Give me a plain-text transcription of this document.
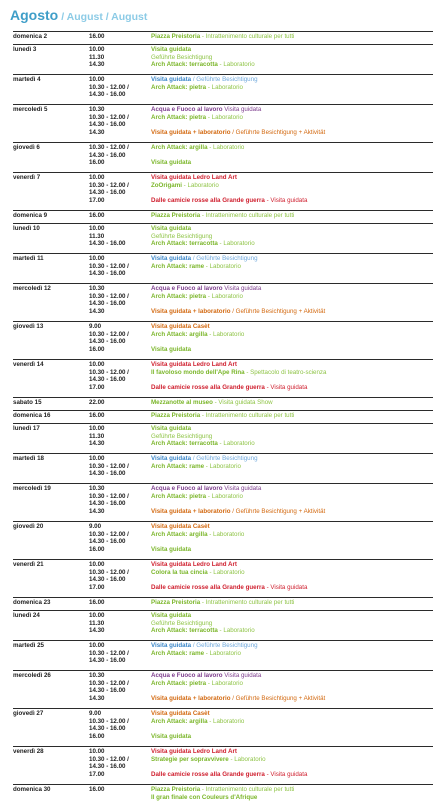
Agosto / August / August
domenica 2	16.00	Piazza Preistoria - Intrattenimento culturale per tutti
lunedì 3	10.00	Visita guidata
11.30	Geführte Besichtigung
14.30	Arch Attack: terracotta - Laboratorio
martedì 4	10.00	Visita guidata / Geführte Besichtigung
10.30 - 12.00 /	Arch Attack: pietra - Laboratorio
14.30 - 16.00
mercoledì 5	10.30	Acqua e Fuoco al lavoro Visita guidata
10.30 - 12.00 /	Arch Attack: pietra - Laboratorio
14.30 - 16.00
14.30	Visita guidata + laboratorio / Geführte Besichtigung + Aktivität
giovedì 6	10.30 - 12.00 /	Arch Attack: argilla - Laboratorio
14.30 - 16.00
16.00	Visita guidata
venerdì 7	10.00	Visita guidata Ledro Land Art
10.30 - 12.00 /	ZoOrigami - Laboratorio
14.30 - 16.00
17.00	Dalle camicie rosse alla Grande guerra - Visita guidata
domenica 9	16.00	Piazza Preistoria - Intrattenimento culturale per tutti
lunedì 10	10.00	Visita guidata
11.30	Geführte Besichtigung
14.30 - 16.00	Arch Attack: terracotta - Laboratorio
martedì 11	10.00	Visita guidata / Geführte Besichtigung
10.30 - 12.00 /	Arch Attack: rame - Laboratorio
14.30 - 16.00
mercoledì 12	10.30	Acqua e Fuoco al lavoro Visita guidata
10.30 - 12.00 /	Arch Attack: pietra - Laboratorio
14.30 - 16.00
14.30	Visita guidata + laboratorio / Geführte Besichtigung + Aktivität
giovedì 13	9.00	Visita guidata Casèt
10.30 - 12.00 /	Arch Attack: argilla - Laboratorio
14.30 - 16.00
16.00	Visita guidata
venerdì 14	10.00	Visita guidata Ledro Land Art
10.30 - 12.00 /	Il favoloso mondo dell'Ape Rina - Spettacolo di teatro-scienza
14.30 - 16.00
17.00	Dalle camicie rosse alla Grande guerra - Visita guidata
sabato 15	22.00	Mezzanotte al museo - Visita guidata Show
domenica 16	16.00	Piazza Preistoria - Intrattenimento culturale per tutti
lunedì 17	10.00	Visita guidata
11.30	Geführte Besichtigung
14.30	Arch Attack: terracotta - Laboratorio
martedì 18	10.00	Visita guidata / Geführte Besichtigung
10.30 - 12.00 /	Arch Attack: rame - Laboratorio
14.30 - 16.00
mercoledì 19	10.30	Acqua e Fuoco al lavoro Visita guidata
10.30 - 12.00 /	Arch Attack: pietra - Laboratorio
14.30 - 16.00
14.30	Visita guidata + laboratorio / Geführte Besichtigung + Aktivität
giovedì 20	9.00	Visita guidata Casèt
10.30 - 12.00 /	Arch Attack: argilla - Laboratorio
14.30 - 16.00
16.00	Visita guidata
venerdì 21	10.00	Visita guidata Ledro Land Art
10.30 - 12.00 /	Colora la tua cincia - Laboratorio
14.30 - 16.00
17.00	Dalle camicie rosse alla Grande guerra - Visita guidata
domenica 23	16.00	Piazza Preistoria - Intrattenimento culturale per tutti
lunedì 24	10.00	Visita guidata
11.30	Geführte Besichtigung
14.30	Arch Attack: terracotta - Laboratorio
martedì 25	10.00	Visita guidata / Geführte Besichtigung
10.30 - 12.00 /	Arch Attack: rame - Laboratorio
14.30 - 16.00
mercoledì 26	10.30	Acqua e Fuoco al lavoro Visita guidata
10.30 - 12.00 /	Arch Attack: pietra - Laboratorio
14.30 - 16.00
14.30	Visita guidata + laboratorio / Geführte Besichtigung + Aktivität
giovedì 27	9.00	Visita guidata Casèt
10.30 - 12.00 /	Arch Attack: argilla - Laboratorio
14.30 - 16.00
16.00	Visita guidata
venerdì 28	10.00	Visita guidata Ledro Land Art
10.30 - 12.00 /	Strategie per sopravvivere - Laboratorio
14.30 - 16.00
17.00	Dalle camicie rosse alla Grande guerra - Visita guidata
domenica 30	16.00	Piazza Preistoria - Intrattenimento culturale per tutti
Il gran finale con Couleurs d'Afrique
